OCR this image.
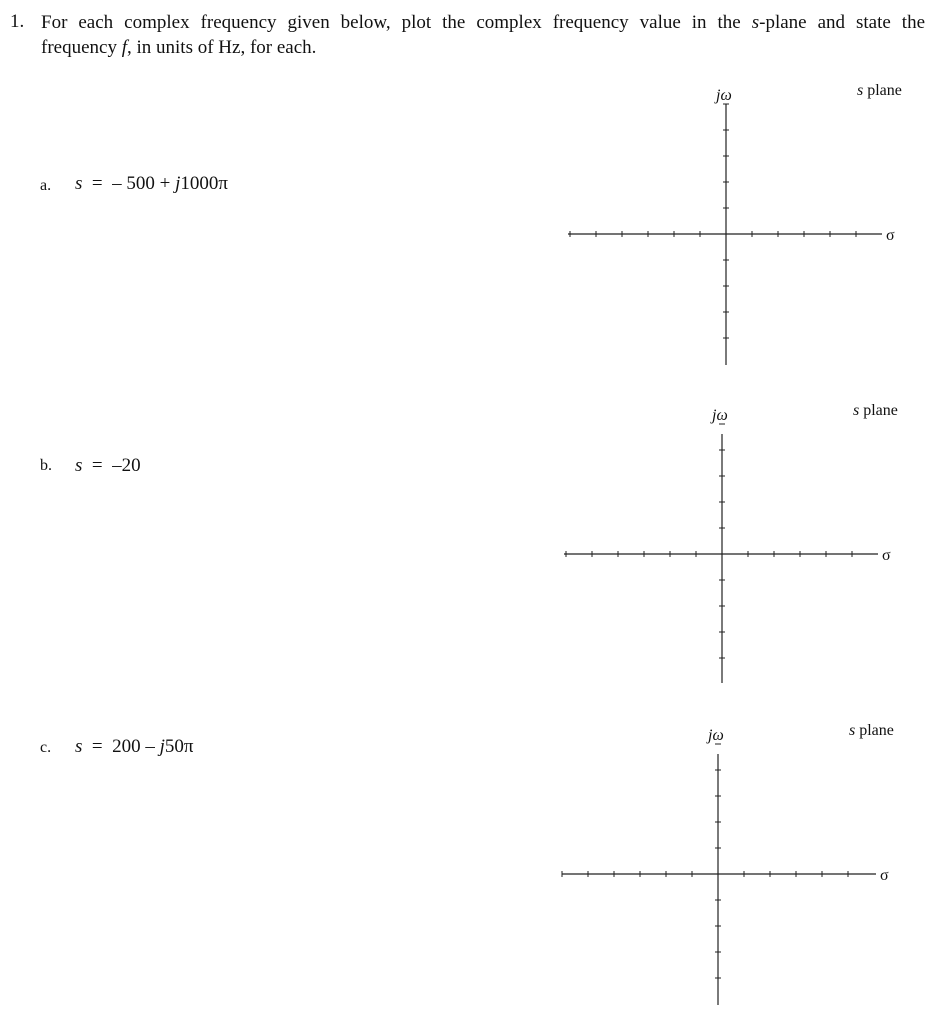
1. For each complex frequency given below, plot the complex frequency value in the s-plane and state the
frequency f, in units of Hz, for each.
a. s  =  – 500 + j1000π
jω
σ
s plane
b. s  =  –20
jω
σ
s plane
c. s  =  200 – j50π
jω
σ
s plane
